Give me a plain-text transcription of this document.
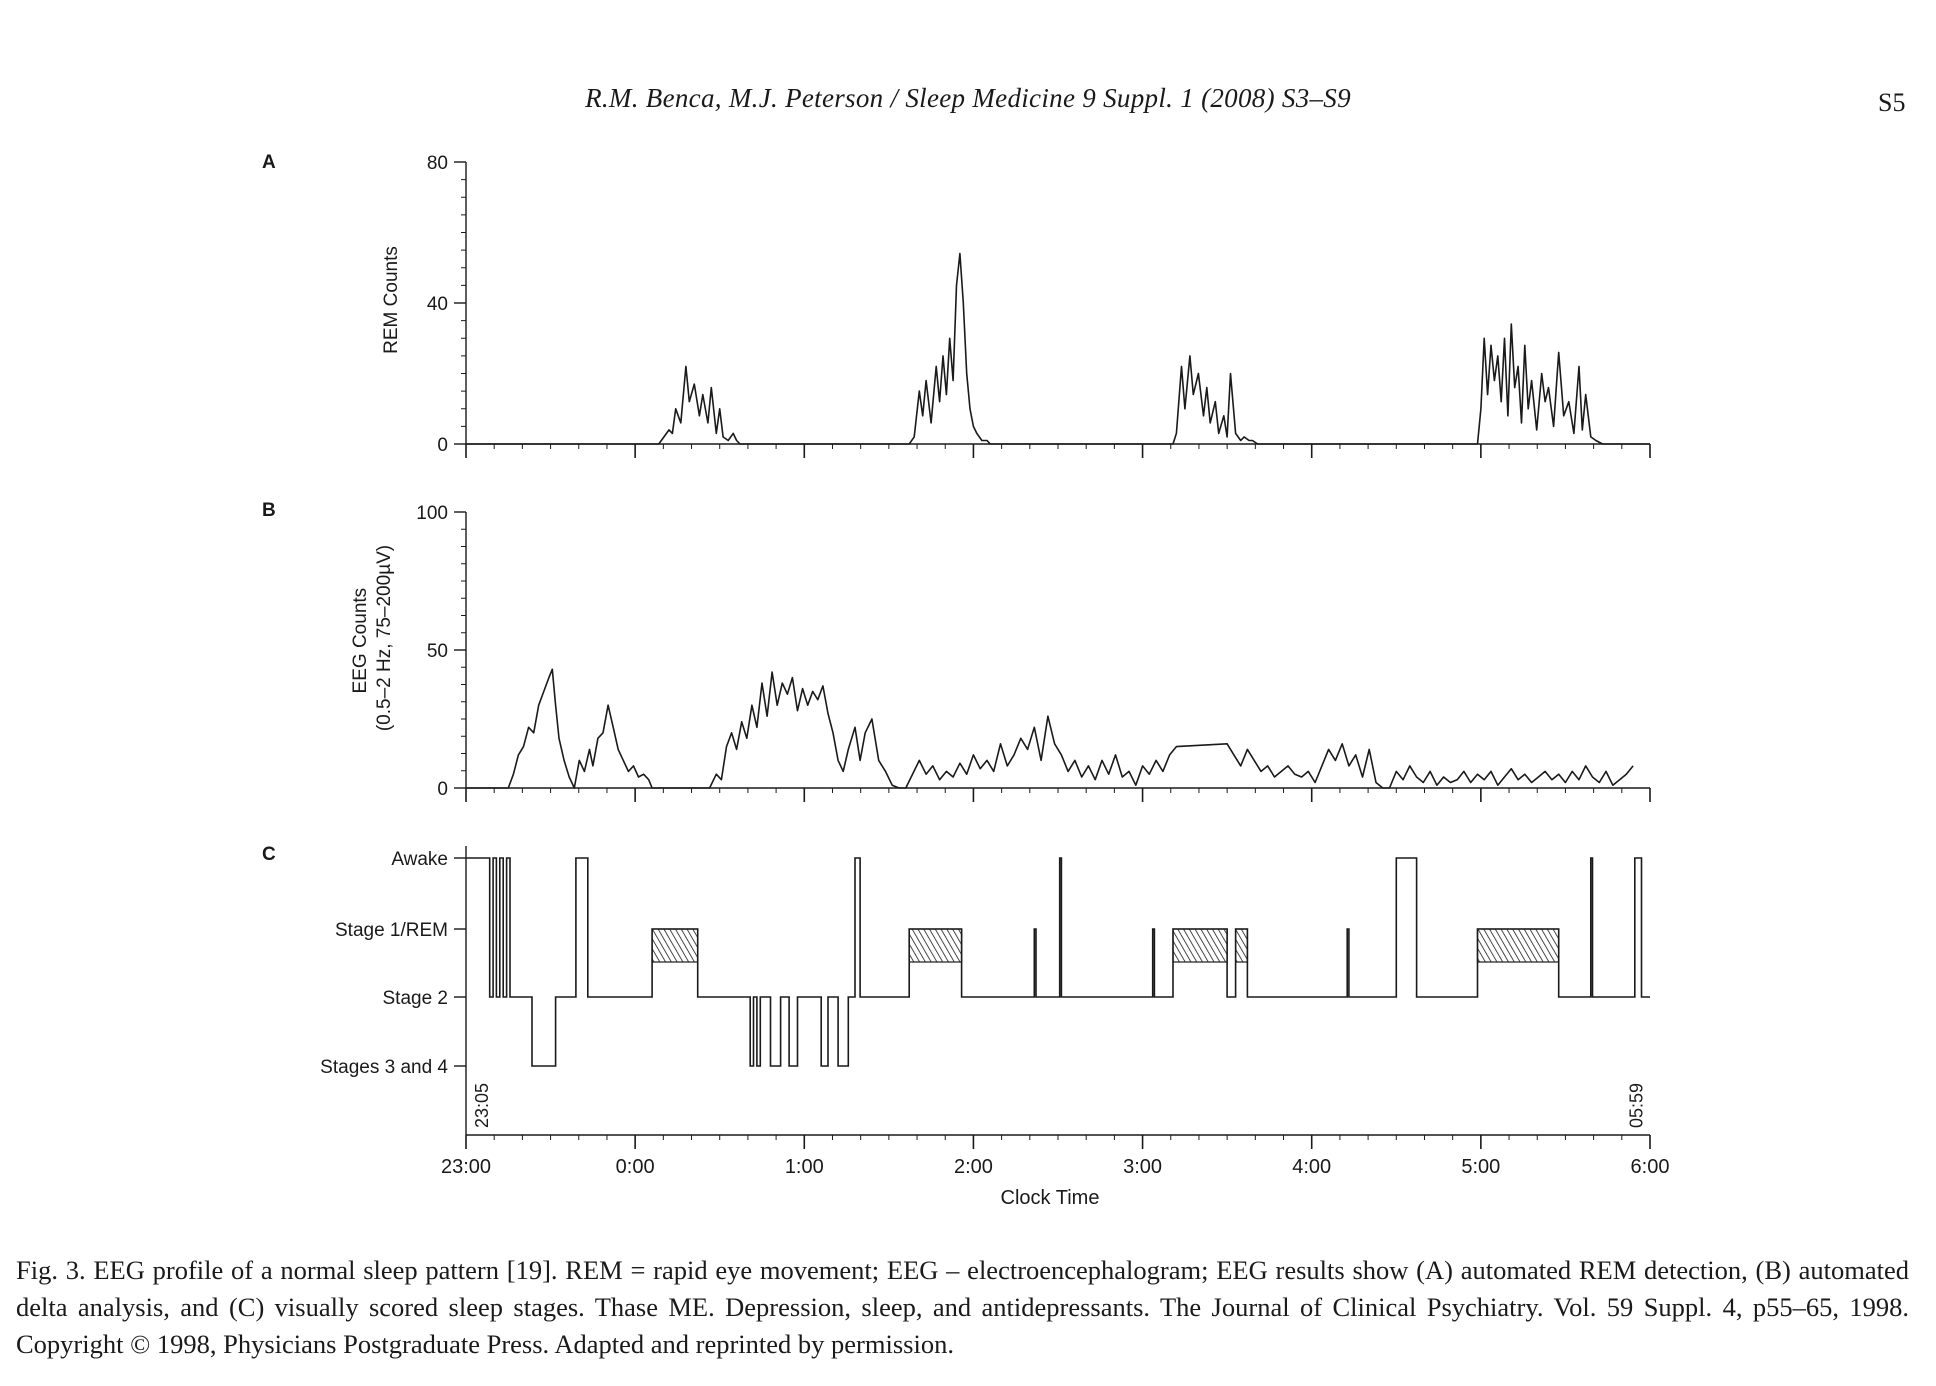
R.M. Benca, M.J. Peterson / Sleep Medicine 9 Suppl. 1 (2008) S3–S9	S5
A
REM Counts
0
40
80
B
EEG Counts (0.5–2 Hz, 75–200µV)
0
50
100
C
Stages 3 and 4
Stage 2
Stage 1/REM
Awake
23:00	0:00	1:00	2:00	3:00	4:00	5:00	6:00
23:05	05:59
Clock Time
Fig. 3. EEG profile of a normal sleep pattern [19]. REM = rapid eye movement; EEG – electroencephalogram; EEG results show (A) automated REM detection, (B) automated delta analysis, and (C) visually scored sleep stages. Thase ME. Depression, sleep, and antidepressants. The Journal of Clinical Psychiatry. Vol. 59 Suppl. 4, p55–65, 1998. Copyright © 1998, Physicians Postgraduate Press. Adapted and reprinted by permission.
